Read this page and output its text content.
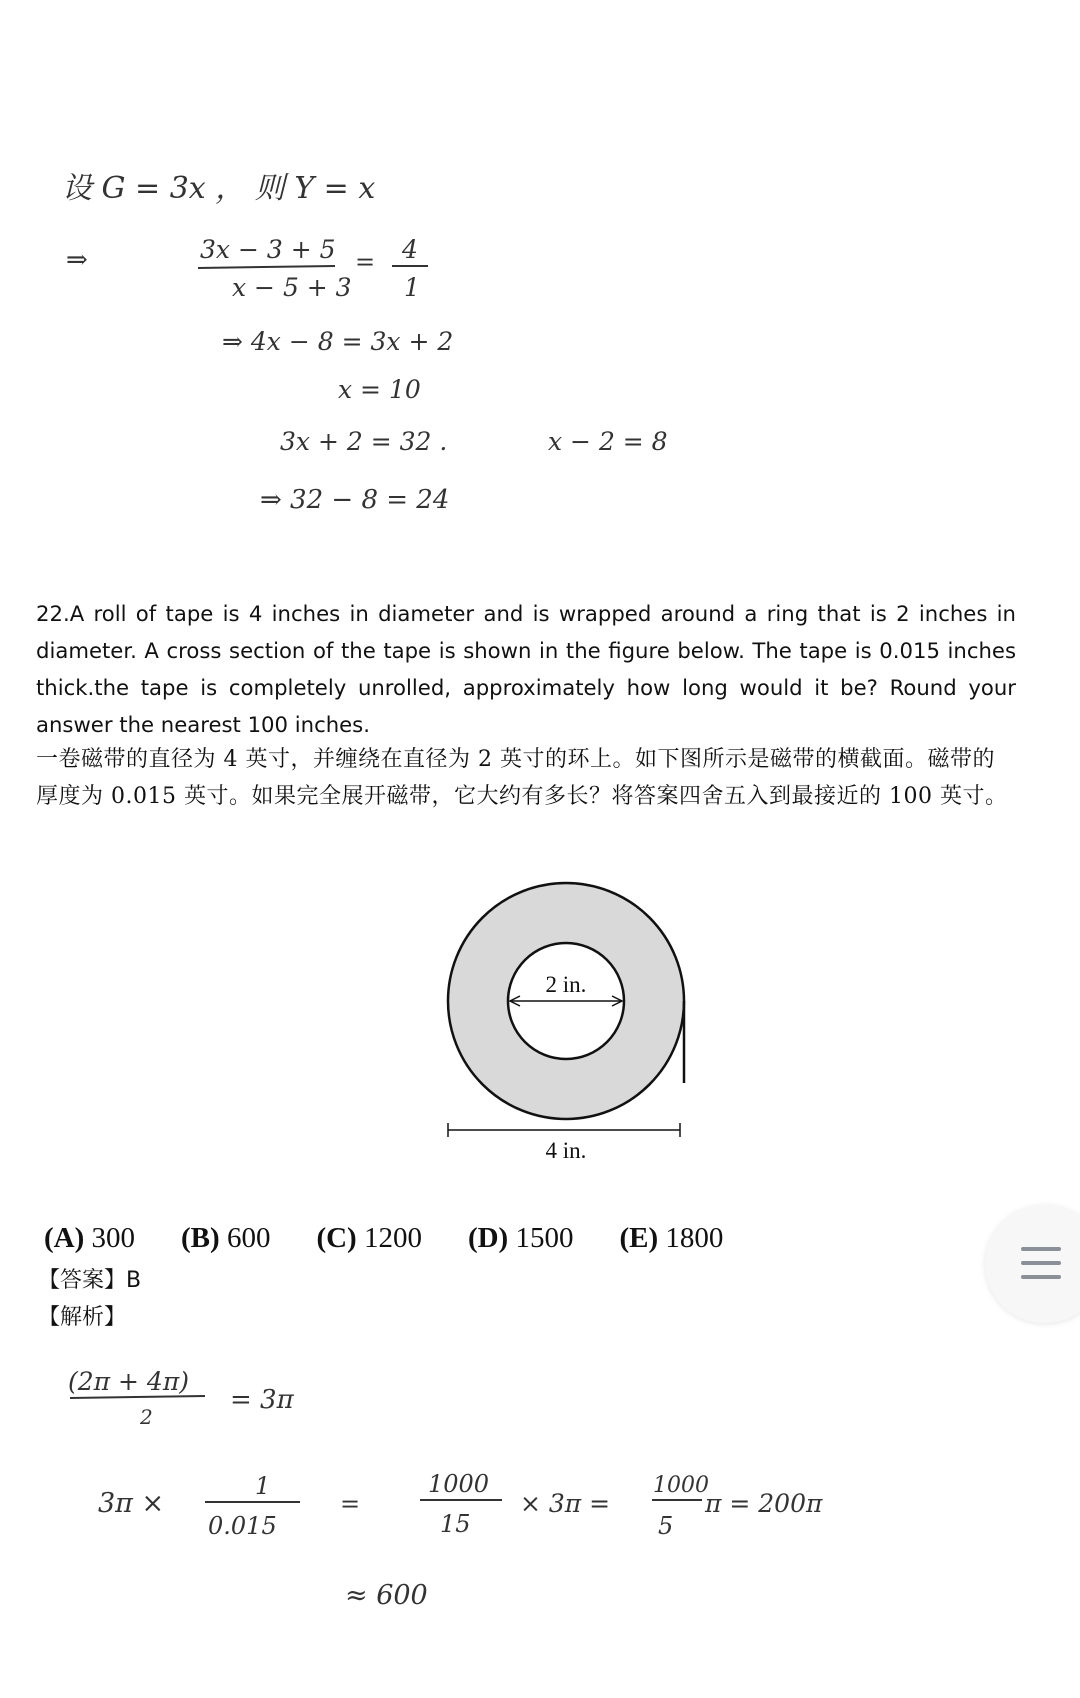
设 G = 3x ， 则 Y = x
⇒	3x − 3 + 5
x − 5 + 3
= 4
1
⇒ 4x − 8 = 3x + 2
x = 10
3x + 2 = 32 .	x − 2 = 8
⇒ 32 − 8 = 24
(2π + 4π)
2
= 3π
3π ×
1
0.015
=
1000
15
× 3π =
1000
5
π = 200π
≈ 600
22.A roll of tape is 4 inches in diameter and is wrapped around a ring that is 2 inches in diameter. A cross section of the tape is shown in the figure below. The tape is 0.015 inches thick.the tape is completely unrolled, approximately how long would it be? Round your answer the nearest 100 inches.
一卷磁带的直径为 4 英寸，并缠绕在直径为 2 英寸的环上。如下图所示是磁带的横截面。磁带的厚度为 0.015 英寸。如果完全展开磁带，它大约有多长？将答案四舍五入到最接近的 100 英寸。
2 in.
4 in.
(A) 300 (B) 600 (C) 1200 (D) 1500 (E) 1800
【答案】B
【解析】
